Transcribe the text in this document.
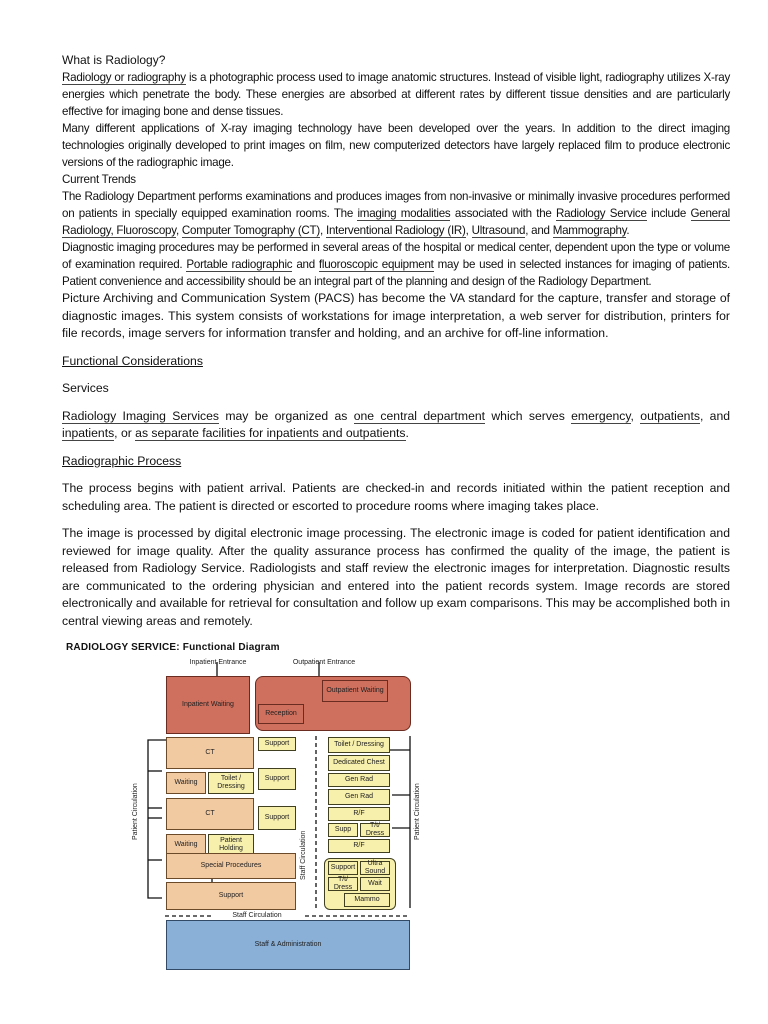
What is Radiology?

Radiology or radiography is a photographic process used to image anatomic structures. Instead of visible light, radiography utilizes X-ray energies which penetrate the body. These energies are absorbed at different rates by different tissue densities and are particularly effective for imaging bone and dense tissues.

Many different applications of X-ray imaging technology have been developed over the years. In addition to the direct imaging technologies originally developed to print images on film, new computerized detectors have largely replaced film to produce electronic versions of the radiographic image.

Current Trends

The Radiology Department performs examinations and produces images from non-invasive or minimally invasive procedures performed on patients in specially equipped examination rooms. The imaging modalities associated with the Radiology Service include General Radiology, Fluoroscopy, Computer Tomography (CT), Interventional Radiology (IR), Ultrasound, and Mammography.

Diagnostic imaging procedures may be performed in several areas of the hospital or medical center, dependent upon the type or volume of examination required. Portable radiographic and fluoroscopic equipment may be used in selected instances for imaging of patients. Patient convenience and accessibility should be an integral part of the planning and design of the Radiology Department.

Picture Archiving and Communication System (PACS) has become the VA standard for the capture, transfer and storage of diagnostic images. This system consists of workstations for image interpretation, a web server for distribution, printers for file records, image servers for information transfer and holding, and an archive for off-line information.

Functional Considerations

Services

Radiology Imaging Services may be organized as one central department which serves emergency, outpatients, and inpatients, or as separate facilities for inpatients and outpatients.

Radiographic Process

The process begins with patient arrival. Patients are checked-in and records initiated within the patient reception and scheduling area. The patient is directed or escorted to procedure rooms where imaging takes place.

The image is processed by digital electronic image processing. The electronic image is coded for patient identification and reviewed for image quality. After the quality assurance process has confirmed the quality of the image, the patient is released from Radiology Service. Radiologists and staff review the electronic images for interpretation. Diagnostic results are communicated to the ordering physician and entered into the patient records system. Image records are stored electronically and available for retrieval for consultation and follow up exam comparisons. This may be accomplished both in central viewing areas and remotely.

RADIOLOGY SERVICE: Functional Diagram
Inpatient Entrance	Outpatient Entrance
Inpatient Waiting
Outpatient Waiting
Reception
CT
Support
Waiting
Toilet / Dressing
Support
CT
Support
Waiting
Patient Holding
Special Procedures
Support
Staff Circulation
Staff & Administration
Toilet / Dressing
Dedicated Chest
Gen Rad
Gen Rad
R/F
Supp
T/t/ Dress
R/F
Support
Ultra Sound
T/t/ Dress
Wait
Mammo
Patient Circulation	Patient Circulation
Staff Circulation
